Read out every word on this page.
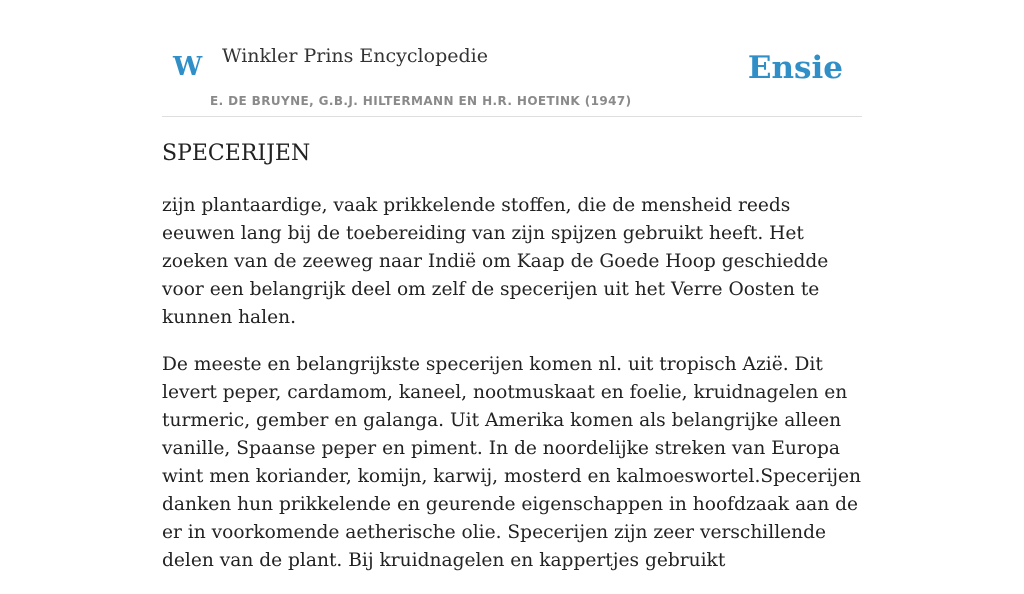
W Winkler Prins Encyclopedie
E. DE BRUYNE, G.B.J. HILTERMANN EN H.R. HOETINK (1947)
Ensie
SPECERIJEN

zijn plantaardige, vaak prikkelende stoffen, die de mensheid reeds eeuwen lang bij de toebereiding van zijn spijzen gebruikt heeft. Het zoeken van de zeeweg naar Indië om Kaap de Goede Hoop geschiedde voor een belangrijk deel om zelf de specerijen uit het Verre Oosten te kunnen halen.

De meeste en belangrijkste specerijen komen nl. uit tropisch Azië. Dit levert peper, cardamom, kaneel, nootmuskaat en foelie, kruidnagelen en turmeric, gember en galanga. Uit Amerika komen als belangrijke alleen vanille, Spaanse peper en piment. In de noordelijke streken van Europa wint men koriander, komijn, karwij, mosterd en kalmoeswortel.Specerijen danken hun prikkelende en geurende eigenschappen in hoofdzaak aan de er in voorkomende aetherische olie. Specerijen zijn zeer verschillende delen van de plant. Bij kruidnagelen en kappertjes gebruikt
